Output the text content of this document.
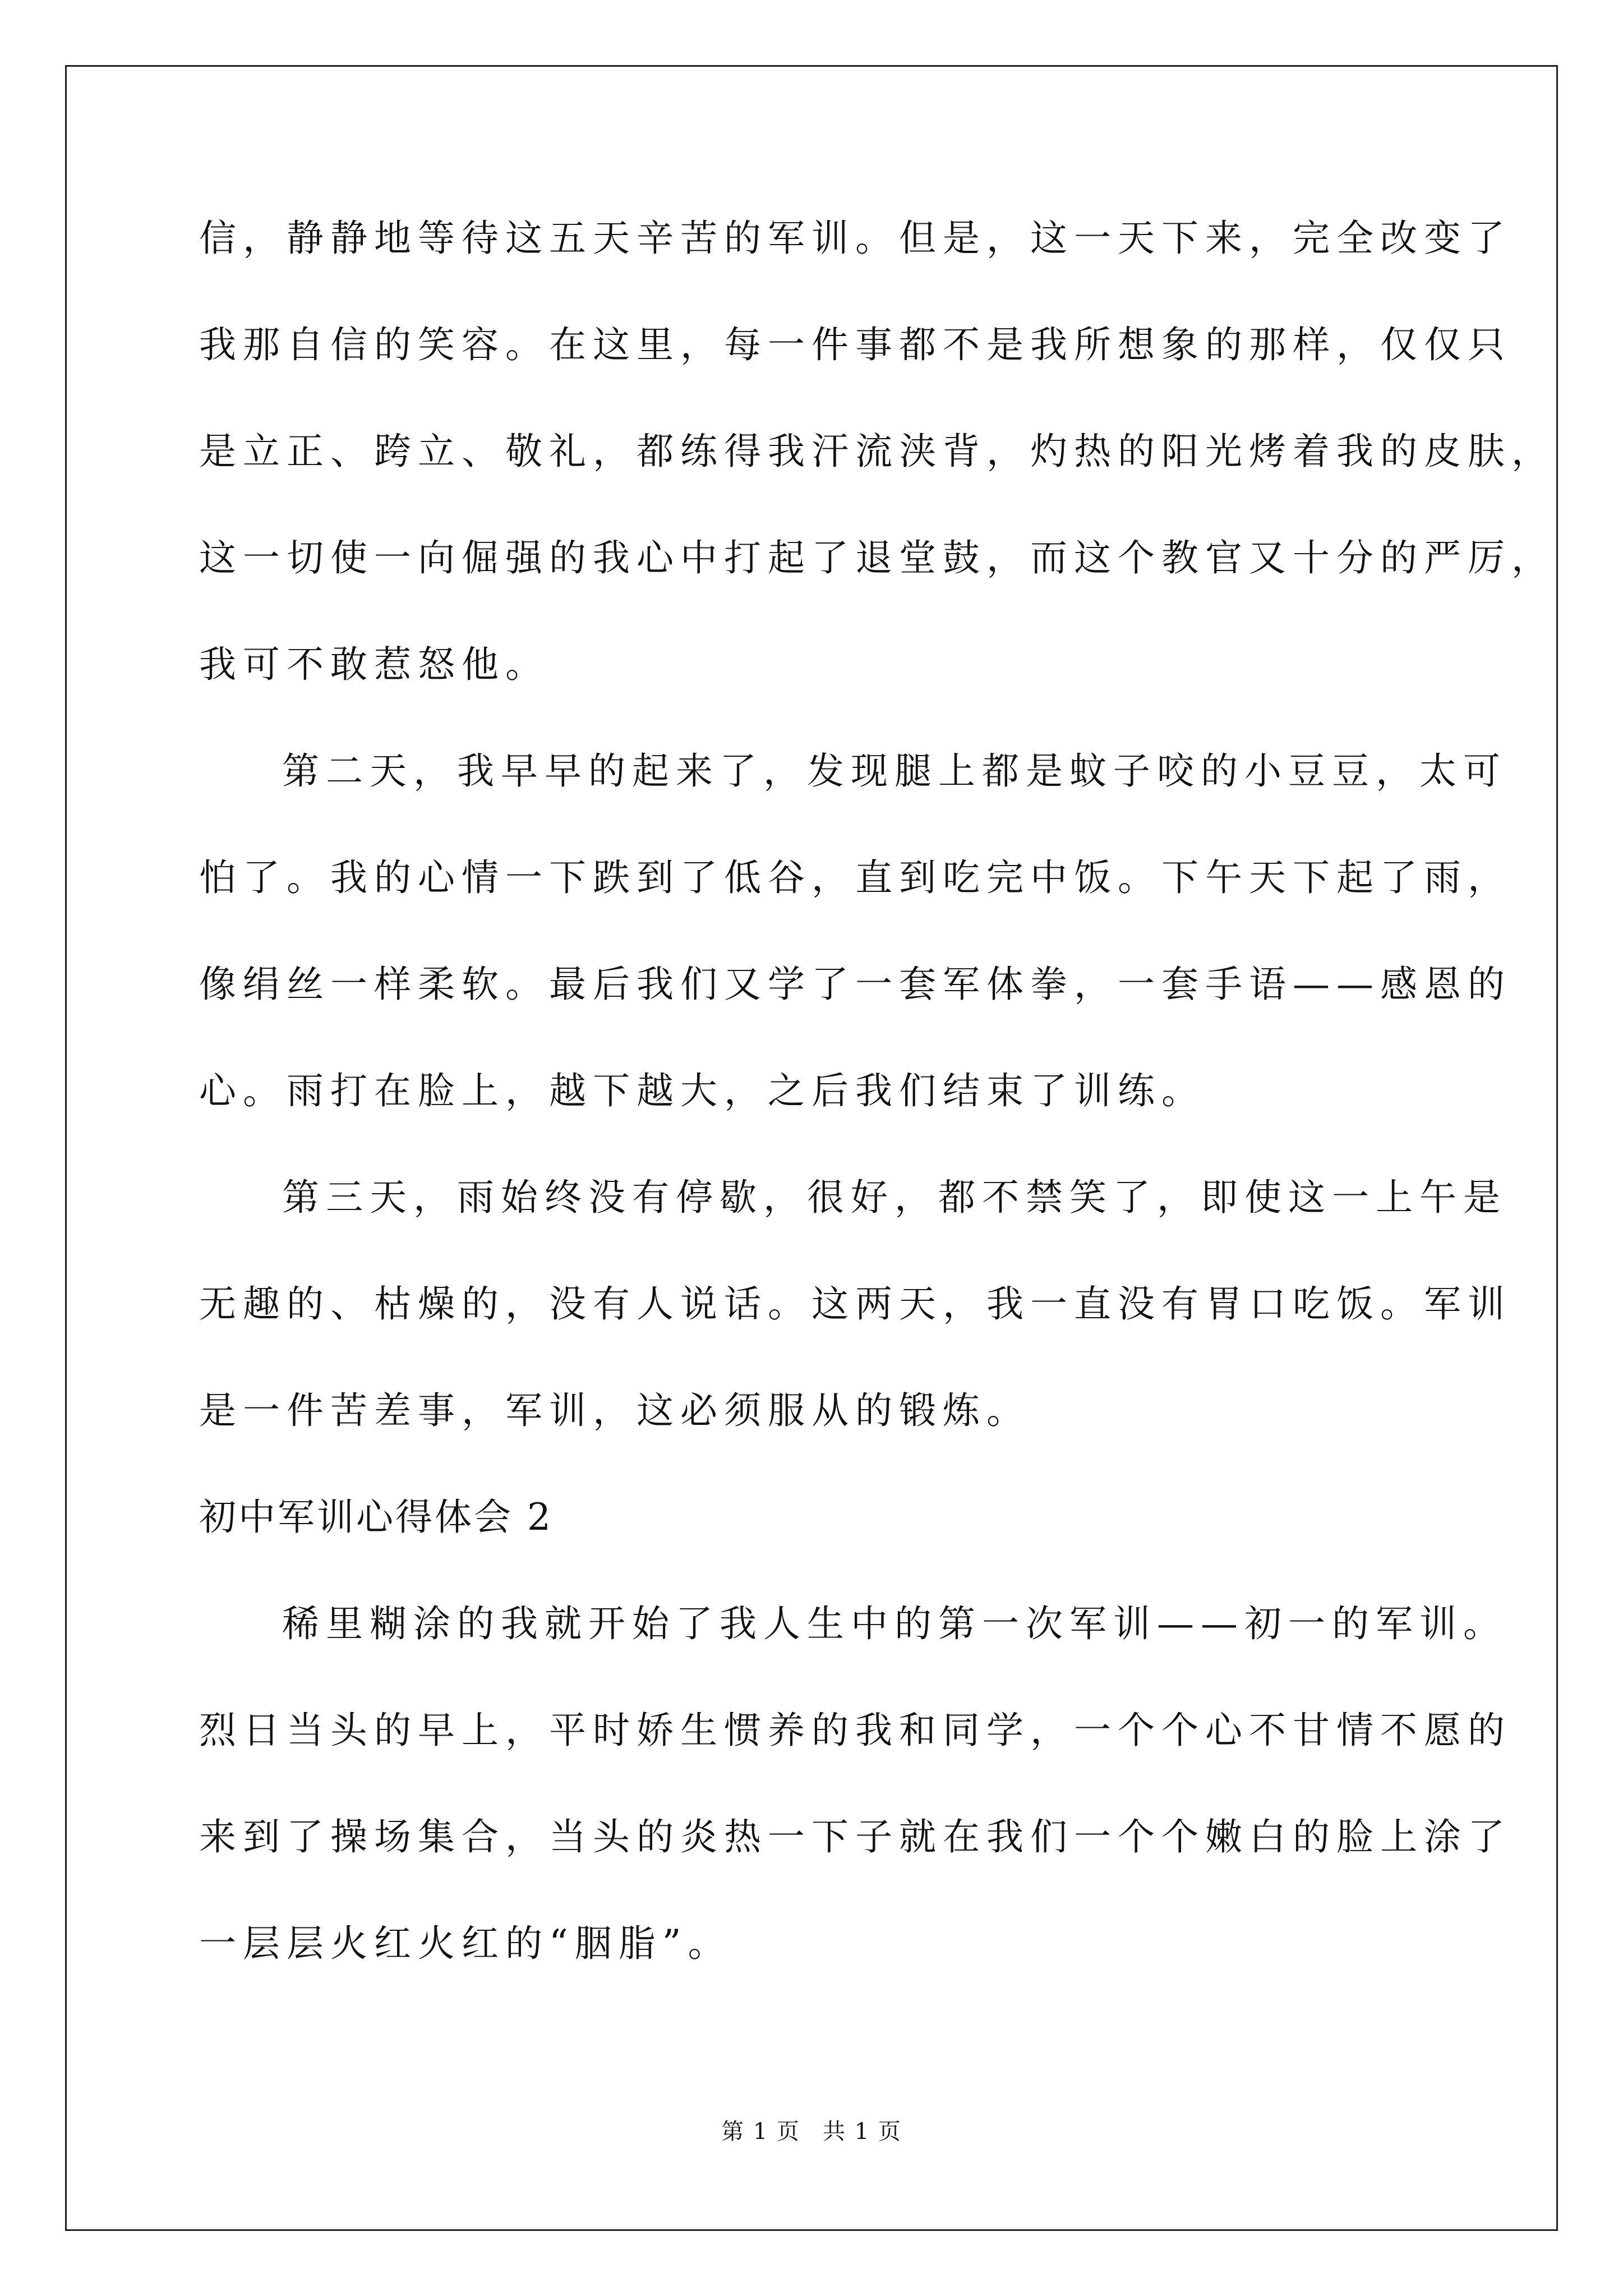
信，静静地等待这五天辛苦的军训。但是，这一天下来，完全改变了
我那自信的笑容。在这里，每一件事都不是我所想象的那样，仅仅只
是立正、跨立、敬礼，都练得我汗流浃背，灼热的阳光烤着我的皮肤，
这一切使一向倔强的我心中打起了退堂鼓，而这个教官又十分的严厉，
我可不敢惹怒他。
第二天，我早早的起来了，发现腿上都是蚊子咬的小豆豆，太可
怕了。我的心情一下跌到了低谷，直到吃完中饭。下午天下起了雨，
像绢丝一样柔软。最后我们又学了一套军体拳，一套手语——感恩的
心。雨打在脸上，越下越大，之后我们结束了训练。
第三天，雨始终没有停歇，很好，都不禁笑了，即使这一上午是
无趣的、枯燥的，没有人说话。这两天，我一直没有胃口吃饭。军训
是一件苦差事，军训，这必须服从的锻炼。
初中军训心得体会 2
稀里糊涂的我就开始了我人生中的第一次军训——初一的军训。
烈日当头的早上，平时娇生惯养的我和同学，一个个心不甘情不愿的
来到了操场集合，当头的炎热一下子就在我们一个个嫩白的脸上涂了
一层层火红火红的“胭脂”。
第 1 页 共 1 页
